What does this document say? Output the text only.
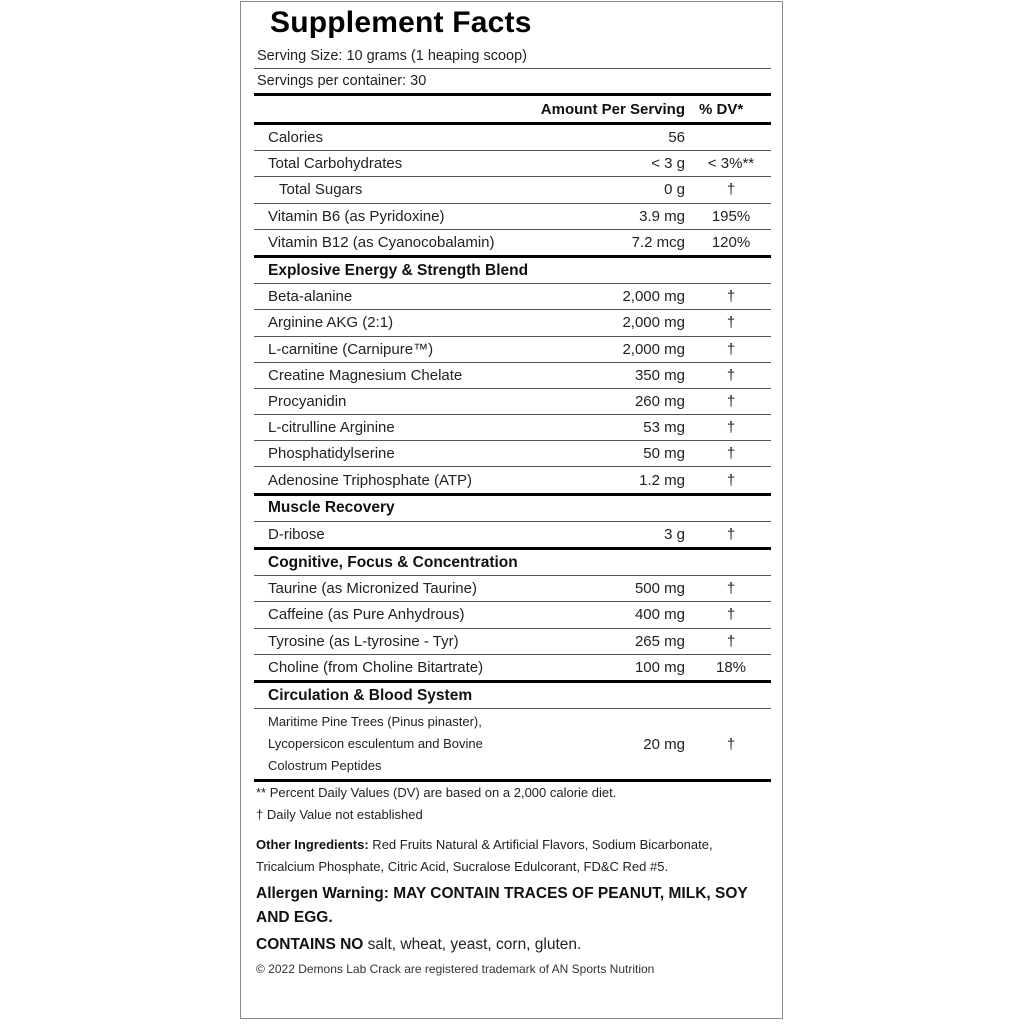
Supplement Facts
Serving Size: 10 grams (1 heaping scoop)
Servings per container: 30
Amount Per Serving % DV*
Calories	56
Total Carbohydrates	< 3 g	< 3%**
Total Sugars	0 g	†
Vitamin B6 (as Pyridoxine)	3.9 mg	195%
Vitamin B12 (as Cyanocobalamin)	7.2 mcg	120%
Explosive Energy & Strength Blend
Beta-alanine	2,000 mg	†
Arginine AKG (2:1)	2,000 mg	†
L-carnitine (Carnipure™)	2,000 mg	†
Creatine Magnesium Chelate	350 mg	†
Procyanidin	260 mg	†
L-citrulline Arginine	53 mg	†
Phosphatidylserine	50 mg	†
Adenosine Triphosphate (ATP)	1.2 mg	†
Muscle Recovery
D-ribose	3 g	†
Cognitive, Focus & Concentration
Taurine (as Micronized Taurine)	500 mg	†
Caffeine (as Pure Anhydrous)	400 mg	†
Tyrosine (as L-tyrosine - Tyr)	265 mg	†
Choline (from Choline Bitartrate)	100 mg	18%
Circulation & Blood System
Maritime Pine Trees (Pinus pinaster),
Lycopersicon esculentum and Bovine
Colostrum Peptides
20 mg	†
** Percent Daily Values (DV) are based on a 2,000 calorie diet.
† Daily Value not established
Other Ingredients: Red Fruits Natural & Artificial Flavors, Sodium Bicarbonate, Tricalcium Phosphate, Citric Acid, Sucralose Edulcorant, FD&C Red #5.
Allergen Warning: MAY CONTAIN TRACES OF PEANUT, MILK, SOY AND EGG.
CONTAINS NO salt, wheat, yeast, corn, gluten.
© 2022 Demons Lab Crack are registered trademark of AN Sports Nutrition
